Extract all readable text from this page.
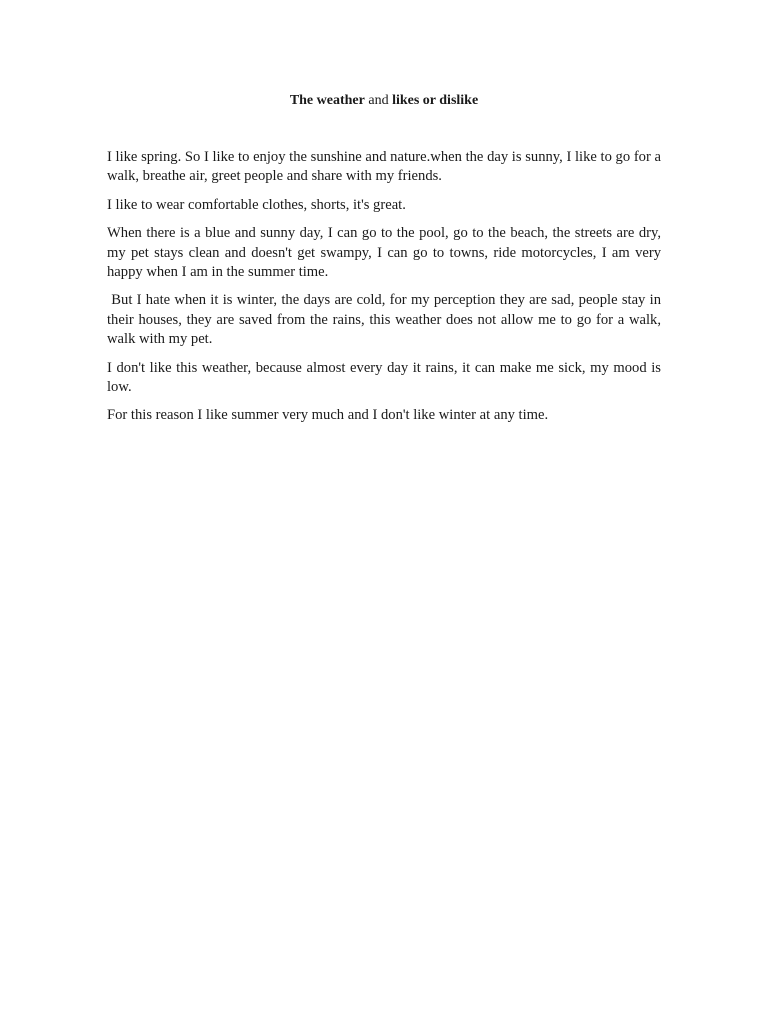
The weather and likes or dislike

I like spring. So I like to enjoy the sunshine and nature.when the day is sunny, I like to go for a walk, breathe air, greet people and share with my friends.

I like to wear comfortable clothes, shorts, it's great.

When there is a blue and sunny day, I can go to the pool, go to the beach, the streets are dry, my pet stays clean and doesn't get swampy, I can go to towns, ride motorcycles, I am very happy when I am in the summer time.

But I hate when it is winter, the days are cold, for my perception they are sad, people stay in their houses, they are saved from the rains, this weather does not allow me to go for a walk, walk with my pet.

I don't like this weather, because almost every day it rains, it can make me sick, my mood is low.

For this reason I like summer very much and I don't like winter at any time.
